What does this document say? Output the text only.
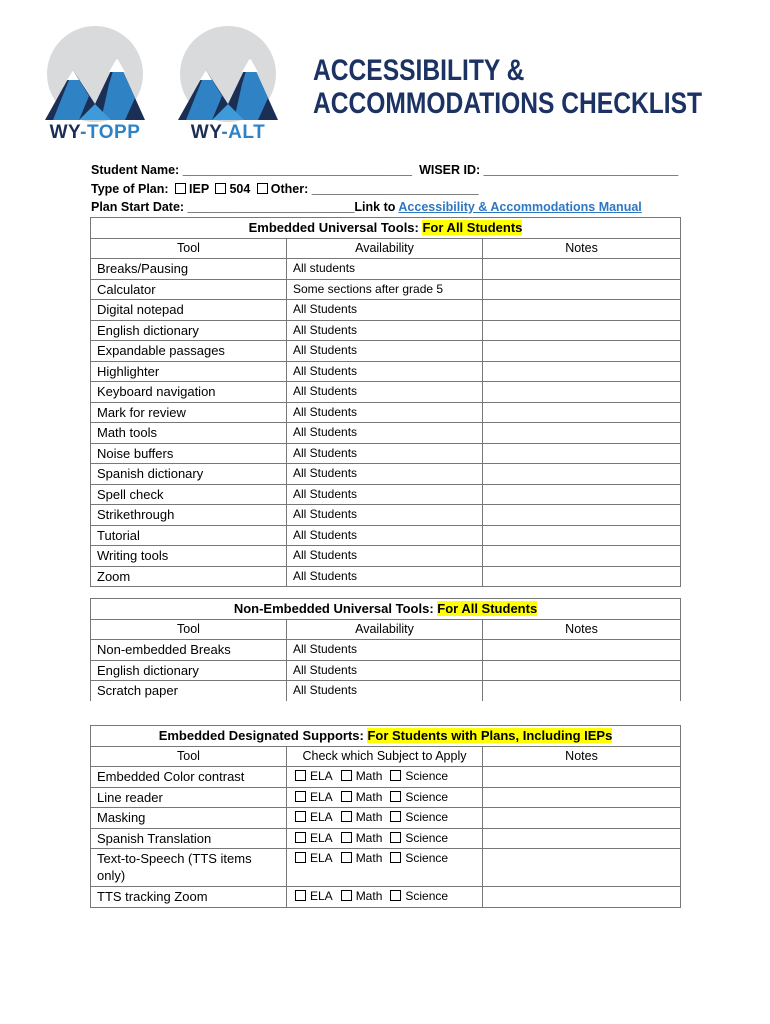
WY-TOPP	WY-ALT
ACCESSIBILITY &
ACCOMMODATIONS CHECKLIST
Student Name: _________________________________ WISER ID: ____________________________
Type of Plan: IEP 504 Other: ________________________
Plan Start Date: ________________________Link to Accessibility & Accommodations Manual
Embedded Universal Tools: For All Students		
Tool	Availability	Notes
Breaks/Pausing	All students	
Calculator	Some sections after grade 5	
Digital notepad	All Students	
English dictionary	All Students	
Expandable passages	All Students	
Highlighter	All Students	
Keyboard navigation	All Students	
Mark for review	All Students	
Math tools	All Students	
Noise buffers	All Students	
Spanish dictionary	All Students	
Spell check	All Students	
Strikethrough	All Students	
Tutorial	All Students	
Writing tools	All Students	
Zoom	All Students	
Non-Embedded Universal Tools: For All Students		
Tool	Availability	Notes
Non-embedded Breaks	All Students	
English dictionary	All Students	
Scratch paper	All Students	
Embedded Designated Supports: For Students with Plans, Including IEPs		
Tool	Check which Subject to Apply	Notes
Embedded Color contrast	ELA Math Science	
Line reader	ELA Math Science	
Masking	ELA Math Science	
Spanish Translation	ELA Math Science	
Text-to-Speech (TTS items only)	ELA Math Science	
TTS tracking Zoom	ELA Math Science	
